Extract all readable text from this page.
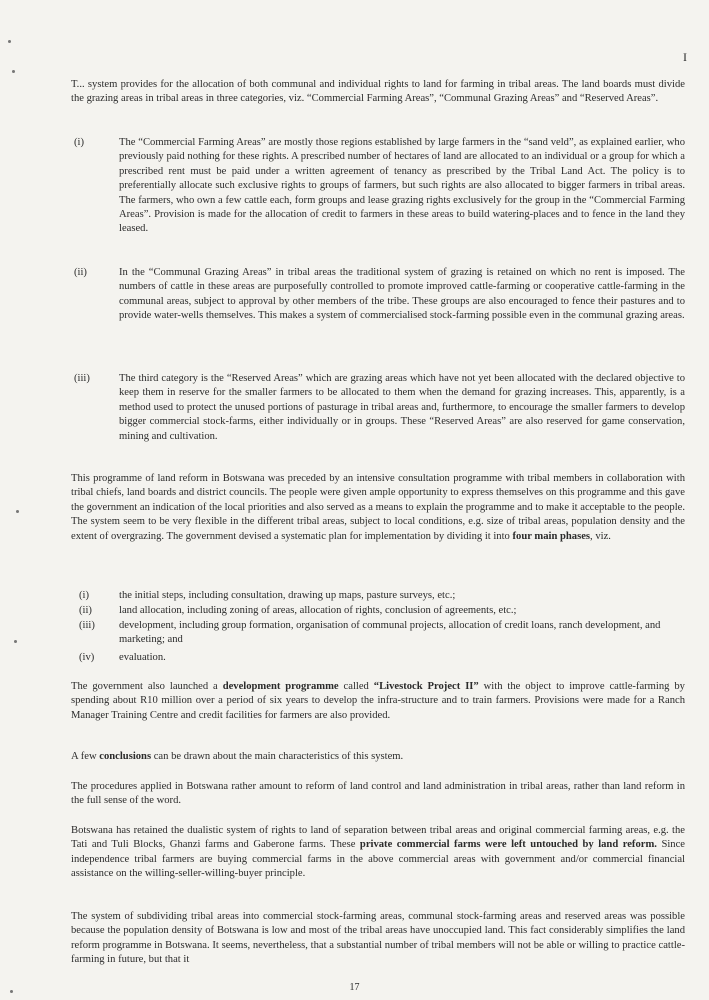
I

T... system provides for the allocation of both communal and individual rights to land for farming in tribal areas. The land boards must divide the grazing areas in tribal areas in three categories, viz. “Commercial Farming Areas”, “Communal Grazing Areas” and “Reserved Areas”.

(i)	The “Commercial Farming Areas” are mostly those regions established by large farmers in the “sand veld”, as explained earlier, who previously paid nothing for these rights. A prescribed number of hectares of land are allocated to an individual or a group for which a prescribed rent must be paid under a written agreement of tenancy as prescribed by the Tribal Land Act. The policy is to preferentially allocate such exclusive rights to groups of farmers, but such rights are also allocated to bigger farmers in tribal areas. The farmers, who own a few cattle each, form groups and lease grazing rights exclusively for the group in the “Commercial Farming Areas”. Provision is made for the allocation of credit to farmers in these areas to build watering-places and to fence in the land they leased.
(ii)	In the “Communal Grazing Areas” in tribal areas the traditional system of grazing is retained on which no rent is imposed. The numbers of cattle in these areas are purposefully controlled to promote improved cattle-farming or cooperative cattle-farming in the communal areas, subject to approval by other members of the tribe. These groups are also encouraged to fence their pastures and to provide water-wells themselves. This makes a system of commercialised stock-farming possible even in the communal grazing areas.
(iii)	The third category is the “Reserved Areas” which are grazing areas which have not yet been allocated with the declared objective to keep them in reserve for the smaller farmers to be allocated to them when the demand for grazing increases. This, apparently, is a method used to protect the unused portions of pasturage in tribal areas and, furthermore, to encourage the smaller farmers to develop bigger commercial stock-farms, either individually or in groups. These “Reserved Areas” are also reserved for game conservation, mining and cultivation.

This programme of land reform in Botswana was preceded by an intensive consultation programme with tribal members in collaboration with tribal chiefs, land boards and district councils. The people were given ample opportunity to express themselves on this programme and this gave the government an indication of the local priorities and also served as a means to explain the programme and to make it acceptable to the people. The system seem to be very flexible in the different tribal areas, subject to local conditions, e.g. size of tribal areas, population density and the extent of overgrazing. The government devised a systematic plan for implementation by dividing it into four main phases, viz.

(i)	the initial steps, including consultation, drawing up maps, pasture surveys, etc.;
(ii)	land allocation, including zoning of areas, allocation of rights, conclusion of agreements, etc.;
(iii) development, including group formation, organisation of communal projects, allocation of credit loans, ranch development, and marketing; and
(iv) evaluation.

The government also launched a development programme called “Livestock Project II” with the object to improve cattle-farming by spending about R10 million over a period of six years to develop the infra-structure and to train farmers. Provisions were made for a Ranch Manager Training Centre and credit facilities for farmers are also provided.

A few conclusions can be drawn about the main characteristics of this system.

The procedures applied in Botswana rather amount to reform of land control and land administration in tribal areas, rather than land reform in the full sense of the word.

Botswana has retained the dualistic system of rights to land of separation between tribal areas and original commercial farming areas, e.g. the Tati and Tuli Blocks, Ghanzi farms and Gaberone farms. These private commercial farms were left untouched by land reform. Since independence tribal farmers are buying commercial farms in the above commercial areas with government and/or commercial financial assistance on the willing-seller-willing-buyer principle.

The system of subdividing tribal areas into commercial stock-farming areas, communal stock-farming areas and reserved areas was possible because the population density of Botswana is low and most of the tribal areas have unoccupied land. This fact considerably simplifies the land reform programme in Botswana. It seems, nevertheless, that a substantial number of tribal members will not be able or willing to practice cattle-farming in future, but that it

17
